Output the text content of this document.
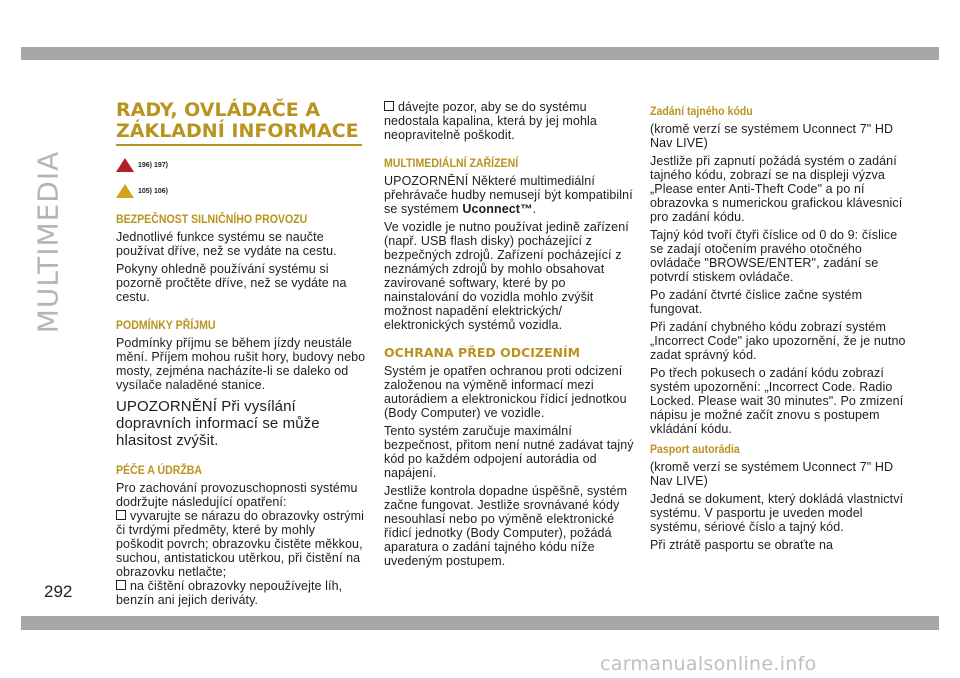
MULTIMEDIA
RADY, OVLÁDAČE A
ZÁKLADNÍ INFORMACE
196) 197)
105) 106)
BEZPEČNOST SILNIČNÍHO PROVOZU

Jednotlivé funkce systému se naučte používat dříve, než se vydáte na cestu.

Pokyny ohledně používání systému si pozorně pročtěte dříve, než se vydáte na cestu.

PODMÍNKY PŘÍJMU

Podmínky příjmu se během jízdy neustále mění. Příjem mohou rušit hory, budovy nebo mosty, zejména nacházíte-li se daleko od vysílače naladěné stanice.

UPOZORNĚNÍ Při vysílání dopravních informací se může hlasitost zvýšit.

PÉČE A ÚDRŽBA

Pro zachování provozuschopnosti systému dodržujte následující opatření:

vyvarujte se nárazu do obrazovky ostrými či tvrdými předměty, které by mohly poškodit povrch; obrazovku čistěte měkkou, suchou, antistatickou utěrkou, při čistění na obrazovku netlačte;

na čištění obrazovky nepoužívejte líh, benzín ani jejich deriváty.

dávejte pozor, aby se do systému nedostala kapalina, která by jej mohla neopravitelně poškodit.

MULTIMEDIÁLNÍ ZAŘÍZENÍ

UPOZORNĚNÍ Některé multimediální přehrávače hudby nemusejí být kompatibilní se systémem Uconnect™.

Ve vozidle je nutno používat jedině zařízení (např. USB flash disky) pocházející z bezpečných zdrojů. Zařízení pocházející z neznámých zdrojů by mohlo obsahovat zavirované softwary, které by po nainstalování do vozidla mohlo zvýšit možnost napadění elektrických/ elektronických systémů vozidla.

OCHRANA PŘED ODCIZENÍM

Systém je opatřen ochranou proti odcizení založenou na výměně informací mezi autorádiem a elektronickou řídicí jednotkou (Body Computer) ve vozidle.

Tento systém zaručuje maximální bezpečnost, přitom není nutné zadávat tajný kód po každém odpojení autorádia od napájení.

Jestliže kontrola dopadne úspěšně, systém začne fungovat. Jestliže srovnávané kódy nesouhlasí nebo po výměně elektronické řídicí jednotky (Body Computer), požádá aparatura o zadání tajného kódu níže uvedeným postupem.

Zadání tajného kódu

(kromě verzí se systémem Uconnect 7" HD Nav LIVE)

Jestliže při zapnutí požádá systém o zadání tajného kódu, zobrazí se na displeji výzva „Please enter Anti-Theft Code" a po ní obrazovka s numerickou grafickou klávesnicí pro zadání kódu.

Tajný kód tvoří čtyři číslice od 0 do 9: číslice se zadají otočením pravého otočného ovládače "BROWSE/ENTER", zadání se potvrdí stiskem ovládače.

Po zadání čtvrté číslice začne systém fungovat.

Při zadání chybného kódu zobrazí systém „Incorrect Code" jako upozornění, že je nutno zadat správný kód.

Po třech pokusech o zadání kódu zobrazí systém upozornění: „Incorrect Code. Radio Locked. Please wait 30 minutes". Po zmizení nápisu je možné začít znovu s postupem vkládání kódu.

Pasport autorádia

(kromě verzí se systémem Uconnect 7" HD Nav LIVE)

Jedná se dokument, který dokládá vlastnictví systému. V pasportu je uveden model systému, sériové číslo a tajný kód.

Při ztrátě pasportu se obraťte na

292
carmanualsonline.info
